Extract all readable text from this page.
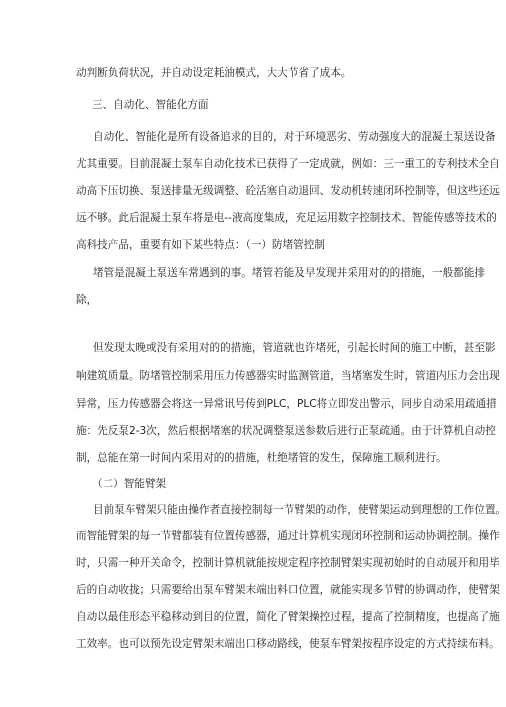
动判断负荷状况，并自动设定耗油模式，大大节省了成本。
三、自动化、智能化方面
自动化、智能化是所有设备追求的目的，对于环境恶劣、劳动强度大的混凝土泵送设备
尤其重要。目前混凝土泵车自动化技术已获得了一定成就，例如：三一重工的专利技术全自
动高下压切换、泵送排量无级调整、砼活塞自动退回、发动机转速闭环控制等，但这些还远
远不够。此后混凝土泵车将是电--液高度集成，充足运用数字控制技术、智能传感等技术的
高科技产品，重要有如下某些特点：（一）防堵管控制
堵管是混凝土泵送车常遇到的事。堵管若能及早发现并采用对的的措施，一般都能排
除，
但发现太晚或没有采用对的的措施，管道就也许堵死，引起长时间的施工中断，甚至影
响建筑质量。防堵管控制采用压力传感器实时监测管道，当堵塞发生时，管道内压力会出现
异常，压力传感器会将这一异常讯号传到PLC，PLC将立即发出警示，同步自动采用疏通措
施：先反泵2-3次，然后根据堵塞的状况调整泵送参数后进行正泵疏通。由于计算机自动控
制，总能在第一时间内采用对的的措施，杜绝堵管的发生，保障施工顺利进行。
（二）智能臂架
目前泵车臂架只能由操作者直接控制每一节臂架的动作，使臂架运动到理想的工作位置。
而智能臂架的每一节臂都装有位置传感器，通过计算机实现闭环控制和运动协调控制。操作
时，只需一种开关命令，控制计算机就能按规定程序控制臂架实现初始时的自动展开和用毕
后的自动收拢；只需要给出泵车臂架末端出料口位置，就能实现多节臂的协调动作，使臂架
自动以最佳形态平稳移动到目的位置，简化了臂架操控过程，提高了控制精度，也提高了施
工效率。也可以预先设定臂架末端出口移动路线，使泵车臂架按程序设定的方式持续布料。
